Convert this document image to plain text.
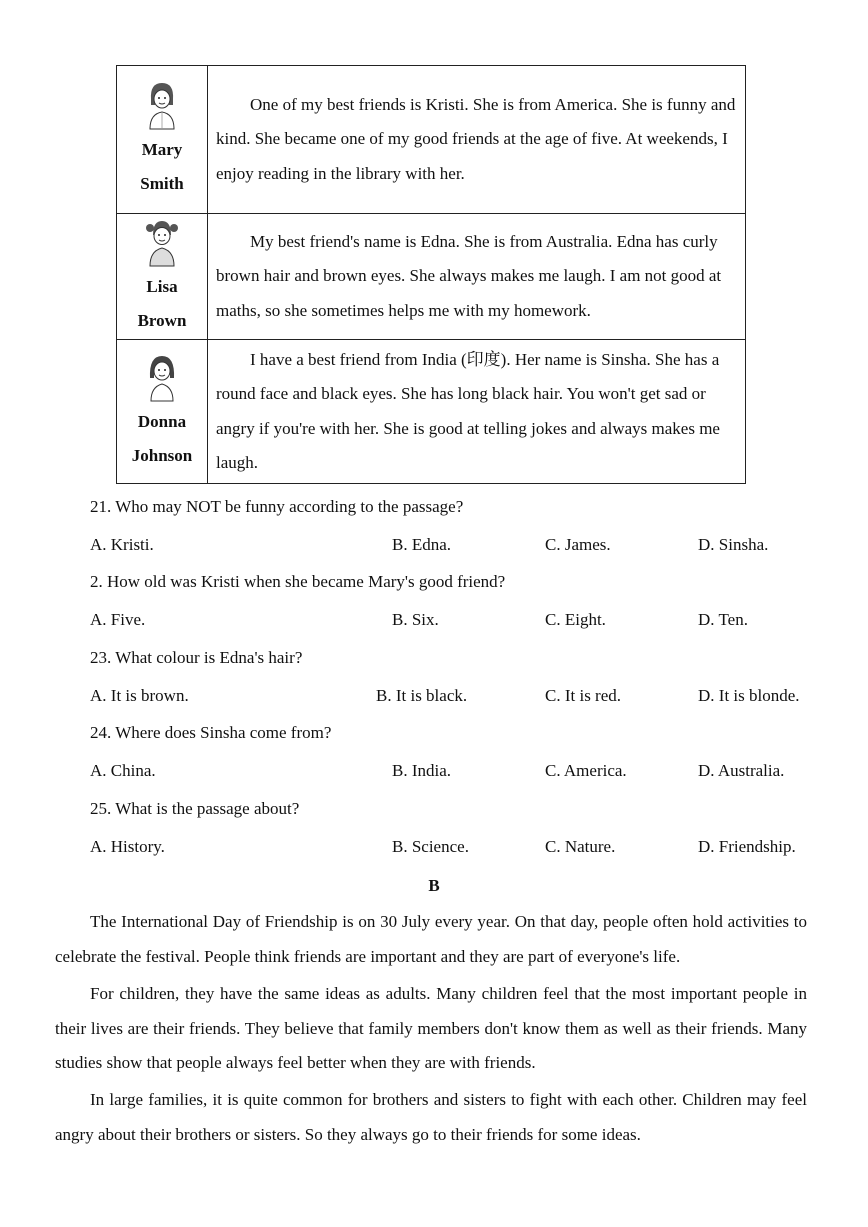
Mary
Smith	One of my best friends is Kristi. She is from America. She is funny and kind. She became one of my good friends at the age of five. At weekends, I enjoy reading in the library with her.

Lisa
Brown	My best friend's name is Edna. She is from Australia. Edna has curly brown hair and brown eyes. She always makes me laugh. I am not good at maths, so she sometimes helps me with my homework.

Donna
Johnson	I have a best friend from India (印度). Her name is Sinsha. She has a round face and black eyes. She has long black hair. You won't get sad or angry if you're with her. She is good at telling jokes and always makes me laugh.

21. Who may NOT be funny according to the passage?

A. Kristi.	B. Edna.	C. James.	D. Sinsha.

2. How old was Kristi when she became Mary's good friend?

A. Five.	B. Six.	C. Eight.	D. Ten.

23. What colour is Edna's hair?

A. It is brown.	B. It is black.	C. It is red.	D. It is blonde.

24. Where does Sinsha come from?

A. China.	B. India.	C. America.	D. Australia.

25. What is the passage about?

A. History.	B. Science.	C. Nature.	D. Friendship.

B

The International Day of Friendship is on 30 July every year. On that day, people often hold activities to celebrate the festival. People think friends are important and they are part of everyone's life.

For children, they have the same ideas as adults. Many children feel that the most important people in their lives are their friends. They believe that family members don't know them as well as their friends. Many studies show that people always feel better when they are with friends.

In large families, it is quite common for brothers and sisters to fight with each other. Children may feel angry about their brothers or sisters. So they always go to their friends for some ideas.
